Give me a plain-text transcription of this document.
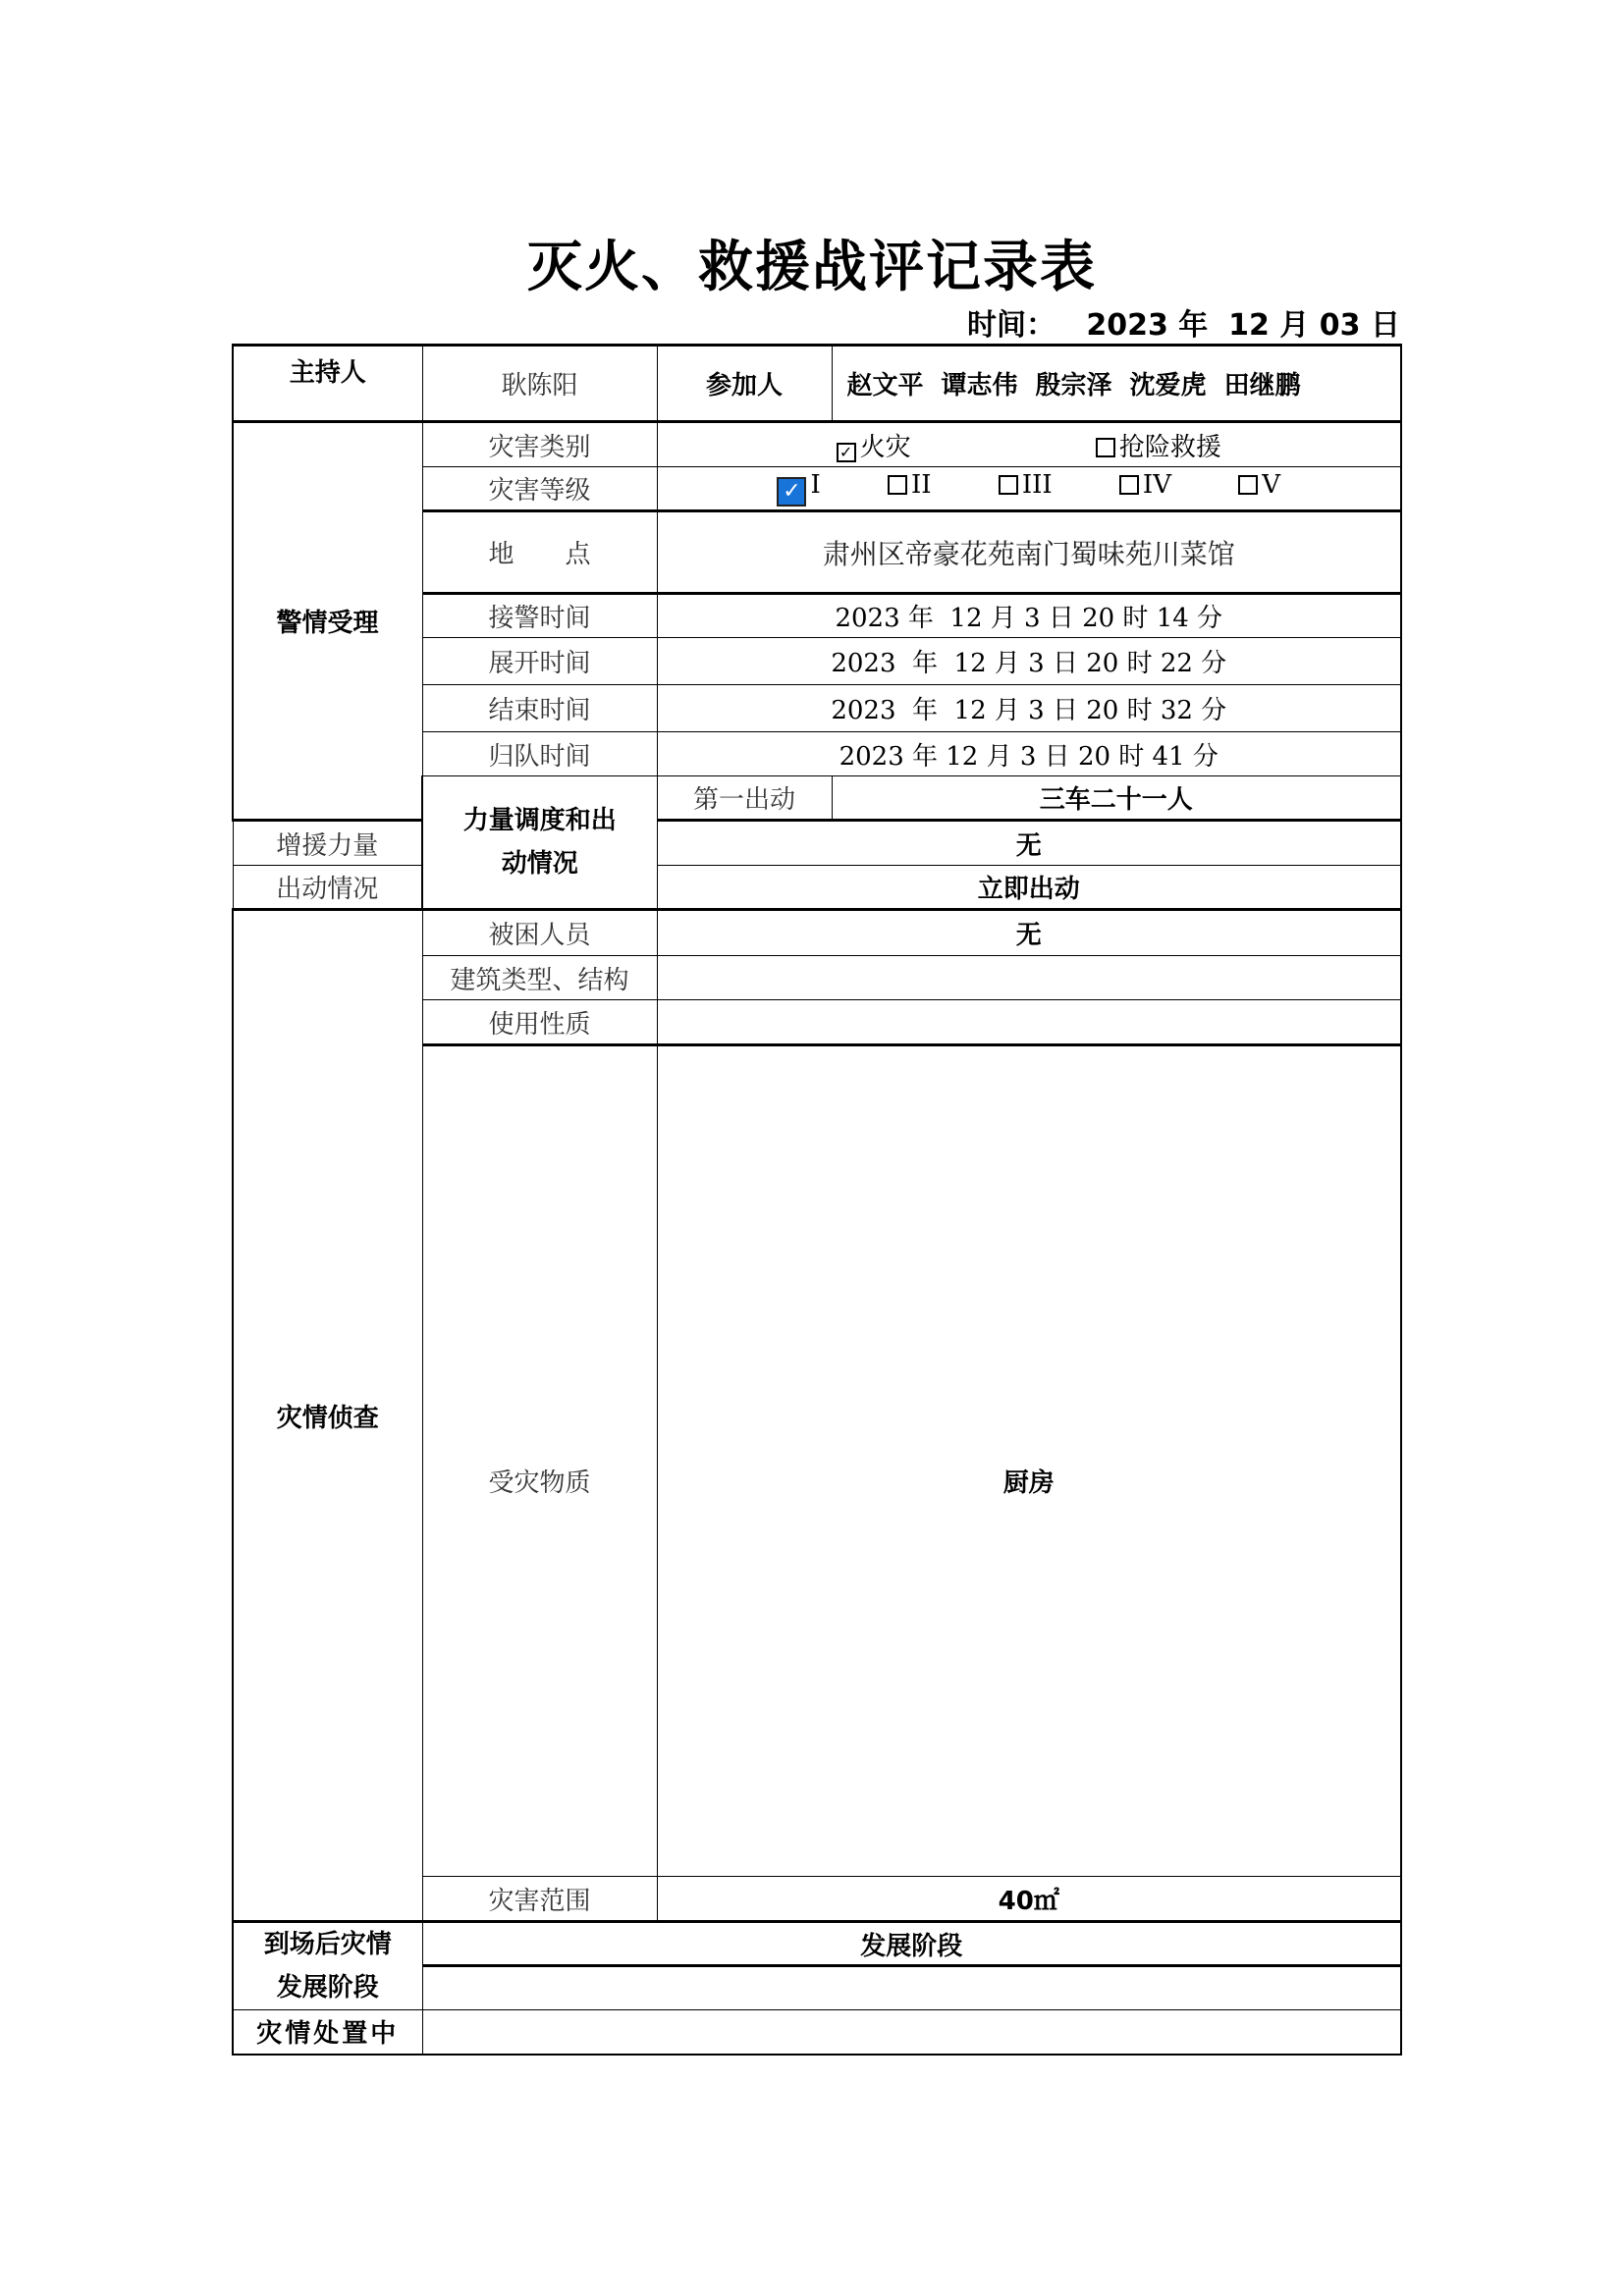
灭火、救援战评记录表
时间：   2023 年  12 月 03 日
主持人	耿陈阳	参加人	赵文平 谭志伟 殷宗泽 沈爱虎 田继鹏
警情受理	灾害类别	✓ 火灾 抢险救援	
	灾害等级	✓ I II III IV V	
	地　　点	肃州区帝豪花苑南门蜀味苑川菜馆	
	接警时间	2023 年  12 月 3 日 20 时 14 分	
	展开时间	2023  年  12 月 3 日 20 时 22 分	
	结束时间	2023  年  12 月 3 日 20 时 32 分	
	归队时间	2023 年 12 月 3 日 20 时 41 分	
	力量调度和出动情况	第一出动	三车二十一人
增援力量		无	
出动情况		立即出动	
灾情侦查	被困人员	无	
	建筑类型、结构		
	使用性质		
	受灾物质	厨房	
	灾害范围	40㎡	
到场后灾情发展阶段	发展阶段		

灾情处置中			
